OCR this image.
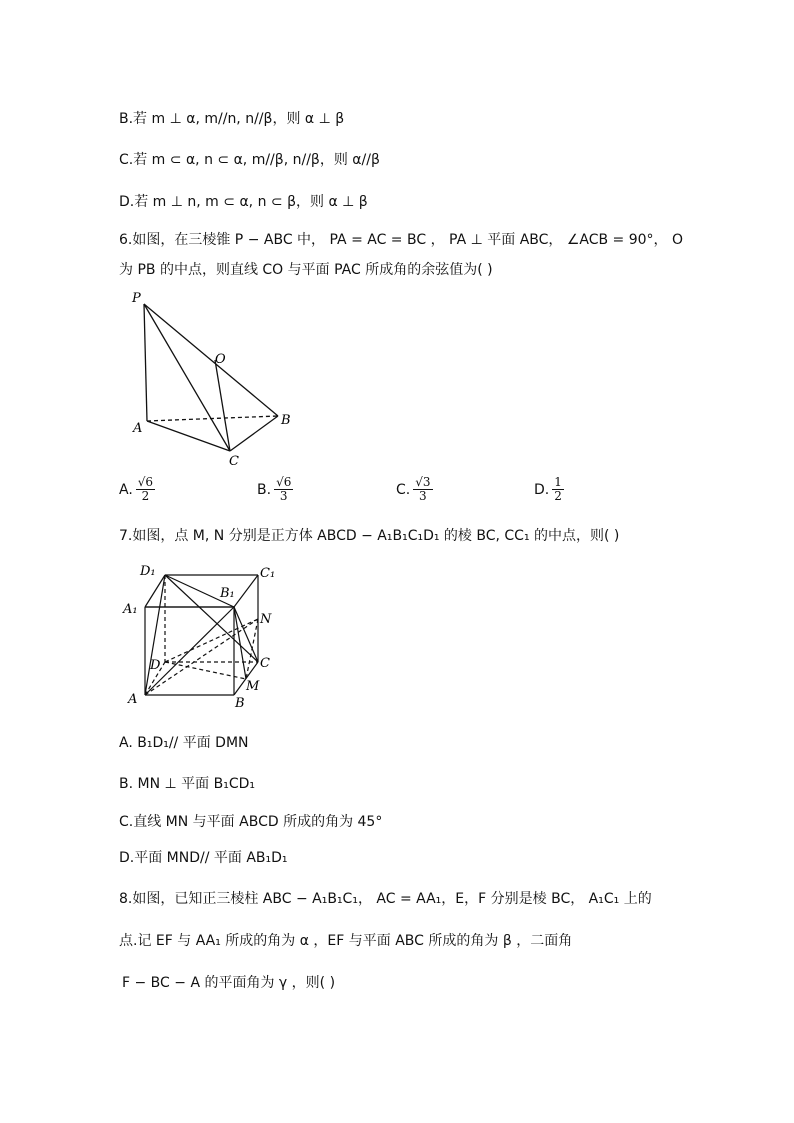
B.若 m ⊥ α, m//n, n//β，则 α ⊥ β
C.若 m ⊂ α, n ⊂ α, m//β, n//β，则 α//β
D.若 m ⊥ n, m ⊂ α, n ⊂ β，则 α ⊥ β
6.如图，在三棱锥 P − ABC 中， PA = AC = BC ， PA ⊥ 平面 ABC， ∠ACB = 90°， O
为 PB 的中点，则直线 CO 与平面 PAC 所成角的余弦值为( )
P
O
A
B
C
A. $\frac{√6}{2}$	B. $\frac{√6}{3}$	C. $\frac{√3}{3}$	D. $\frac{1}{2}$
7.如图，点 M, N 分别是正方体 ABCD − A₁B₁C₁D₁ 的棱 BC, CC₁ 的中点，则( )
D₁	C₁
A₁
B₁
N
D	C
A	B
M
A. B₁D₁// 平面 DMN
B. MN ⊥ 平面 B₁CD₁
C.直线 MN 与平面 ABCD 所成的角为 45°
D.平面 MND// 平面 AB₁D₁
8.如图，已知正三棱柱 ABC − A₁B₁C₁， AC = AA₁，E，F 分别是棱 BC， A₁C₁ 上的
点.记 EF 与 AA₁ 所成的角为 α ，EF 与平面 ABC 所成的角为 β ，二面角
F − BC − A 的平面角为 γ ，则( )
